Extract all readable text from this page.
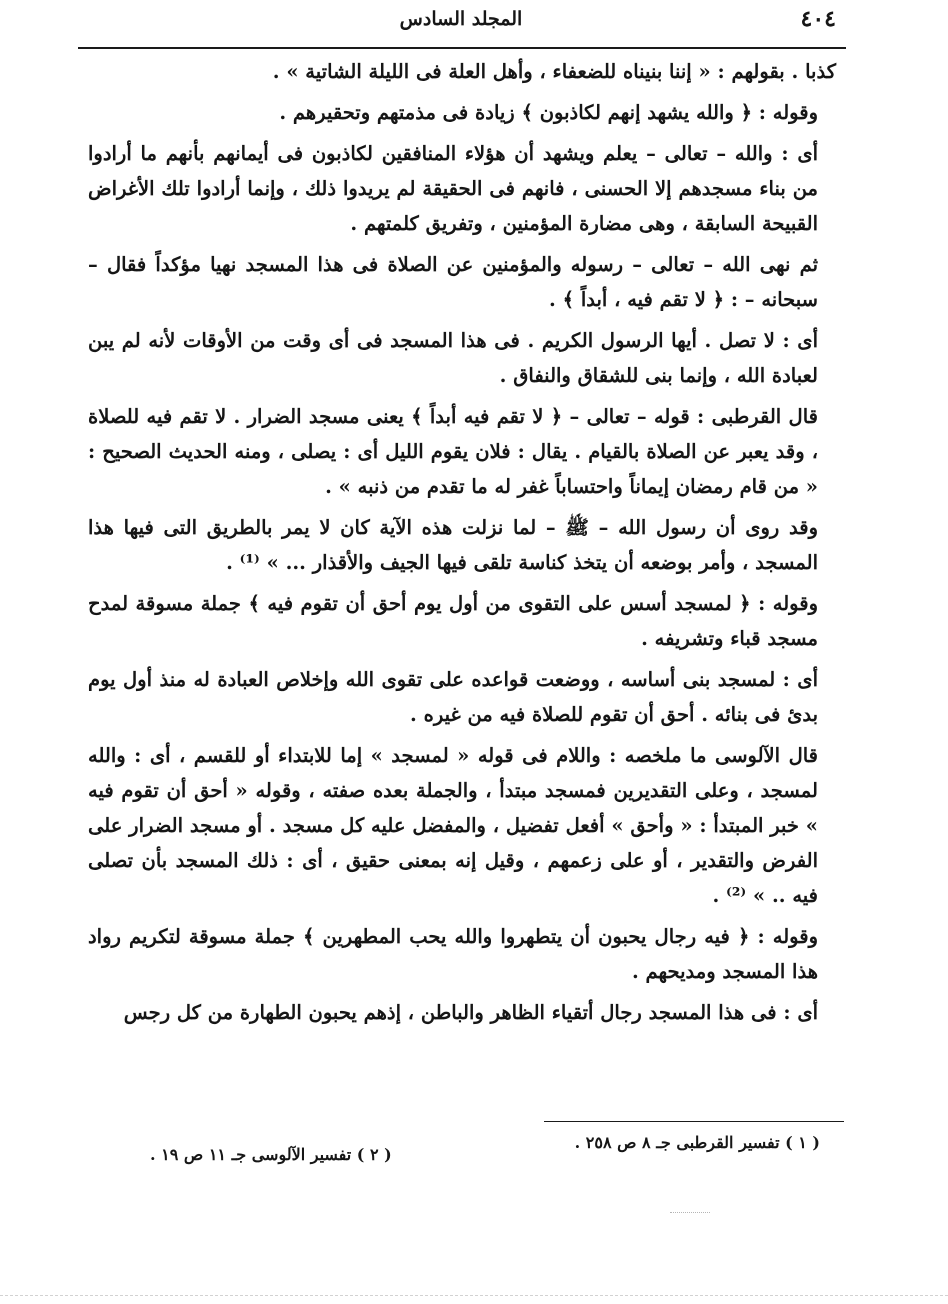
٤٠٤
المجلد السادس

كذبا . بقولهم : « إننا بنيناه للضعفاء ، وأهل العلة فى الليلة الشاتية » .

وقوله : ﴿ والله يشهد إنهم لكاذبون ﴾ زيادة فى مذمتهم وتحقيرهم .

أى : والله – تعالى – يعلم ويشهد أن هؤلاء المنافقين لكاذبون فى أيمانهم بأنهم ما أرادوا من بناء مسجدهم إلا الحسنى ، فانهم فى الحقيقة لم يريدوا ذلك ، وإنما أرادوا تلك الأغراض القبيحة السابقة ، وهى مضارة المؤمنين ، وتفريق كلمتهم .

ثم نهى الله – تعالى – رسوله والمؤمنين عن الصلاة فى هذا المسجد نهيا مؤكداً فقال – سبحانه – : ﴿ لا تقم فيه ، أبداً ﴾ .

أى : لا تصل . أيها الرسول الكريم . فى هذا المسجد فى أى وقت من الأوقات لأنه لم يبن لعبادة الله ، وإنما بنى للشقاق والنفاق .

قال القرطبى : قوله – تعالى – ﴿ لا تقم فيه أبداً ﴾ يعنى مسجد الضرار . لا تقم فيه للصلاة ، وقد يعبر عن الصلاة بالقيام . يقال : فلان يقوم الليل أى : يصلى ، ومنه الحديث الصحيح : « من قام رمضان إيماناً واحتساباً غفر له ما تقدم من ذنبه » .

وقد روى أن رسول الله – ﷺ – لما نزلت هذه الآية كان لا يمر بالطريق التى فيها هذا المسجد ، وأمر بوضعه أن يتخذ كناسة تلقى فيها الجيف والأقذار ... » ⁽¹⁾ .

وقوله : ﴿ لمسجد أسس على التقوى من أول يوم أحق أن تقوم فيه ﴾ جملة مسوقة لمدح مسجد قباء وتشريفه .

أى : لمسجد بنى أساسه ، ووضعت قواعده على تقوى الله وإخلاص العبادة له منذ أول يوم بدئ فى بنائه . أحق أن تقوم للصلاة فيه من غيره .

قال الآلوسى ما ملخصه : واللام فى قوله « لمسجد » إما للابتداء أو للقسم ، أى : والله لمسجد ، وعلى التقديرين فمسجد مبتدأ ، والجملة بعده صفته ، وقوله « أحق أن تقوم فيه » خبر المبتدأ : « وأحق » أفعل تفضيل ، والمفضل عليه كل مسجد . أو مسجد الضرار على الفرض والتقدير ، أو على زعمهم ، وقيل إنه بمعنى حقيق ، أى : ذلك المسجد بأن تصلى فيه .. » ⁽²⁾ .

وقوله : ﴿ فيه رجال يحبون أن يتطهروا والله يحب المطهرين ﴾ جملة مسوقة لتكريم رواد هذا المسجد ومديحهم .

أى : فى هذا المسجد رجال أتقياء الظاهر والباطن ، إذهم يحبون الطهارة من كل رجس

( ١ ) تفسير القرطبى جـ ٨ ص ٢٥٨ .
( ٢ ) تفسير الآلوسى جـ ١١ ص ١٩ .
